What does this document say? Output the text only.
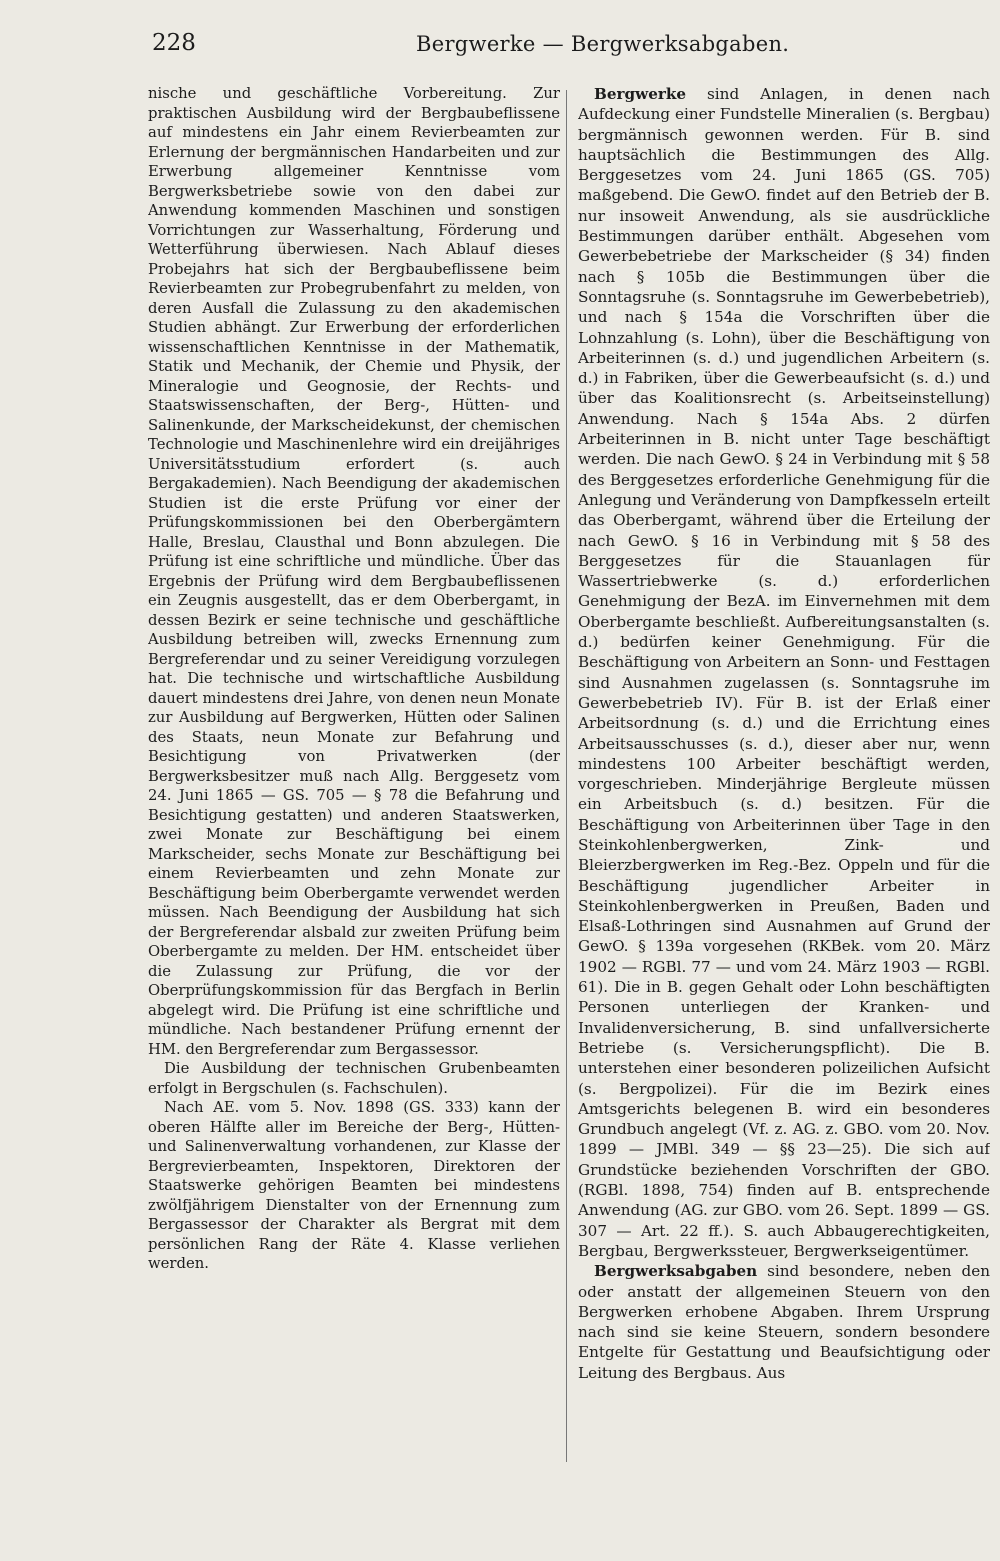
228	Bergwerke — Bergwerksabgaben.

nische und geschäftliche Vorbereitung. Zur praktischen Ausbildung wird der Bergbaubeflissene auf mindestens ein Jahr einem Revierbeamten zur Erlernung der bergmännischen Handarbeiten und zur Erwerbung allgemeiner Kenntnisse vom Bergwerksbetriebe sowie von den dabei zur Anwendung kommenden Maschinen und sonstigen Vorrichtungen zur Wasserhaltung, Förderung und Wetterführung überwiesen. Nach Ablauf dieses Probejahrs hat sich der Bergbaubeflissene beim Revierbeamten zur Probegrubenfahrt zu melden, von deren Ausfall die Zulassung zu den akademischen Studien abhängt. Zur Erwerbung der erforderlichen wissenschaftlichen Kenntnisse in der Mathematik, Statik und Mechanik, der Chemie und Physik, der Mineralogie und Geognosie, der Rechts- und Staatswissenschaften, der Berg-, Hütten- und Salinenkunde, der Markscheidekunst, der chemischen Technologie und Maschinenlehre wird ein dreijähriges Universitätsstudium erfordert (s. auch Bergakademien). Nach Beendigung der akademischen Studien ist die erste Prüfung vor einer der Prüfungskommissionen bei den Oberbergämtern Halle, Breslau, Clausthal und Bonn abzulegen. Die Prüfung ist eine schriftliche und mündliche. Über das Ergebnis der Prüfung wird dem Bergbaubeflissenen ein Zeugnis ausgestellt, das er dem Oberbergamt, in dessen Bezirk er seine technische und geschäftliche Ausbildung betreiben will, zwecks Ernennung zum Bergreferendar und zu seiner Vereidigung vorzulegen hat. Die technische und wirtschaftliche Ausbildung dauert mindestens drei Jahre, von denen neun Monate zur Ausbildung auf Bergwerken, Hütten oder Salinen des Staats, neun Monate zur Befahrung und Besichtigung von Privatwerken (der Bergwerksbesitzer muß nach Allg. Berggesetz vom 24. Juni 1865 — GS. 705 — § 78 die Befahrung und Besichtigung gestatten) und anderen Staatswerken, zwei Monate zur Beschäftigung bei einem Markscheider, sechs Monate zur Beschäftigung bei einem Revierbeamten und zehn Monate zur Beschäftigung beim Oberbergamte verwendet werden müssen. Nach Beendigung der Ausbildung hat sich der Bergreferendar alsbald zur zweiten Prüfung beim Oberbergamte zu melden. Der HM. entscheidet über die Zulassung zur Prüfung, die vor der Oberprüfungskommission für das Bergfach in Berlin abgelegt wird. Die Prüfung ist eine schriftliche und mündliche. Nach bestandener Prüfung ernennt der HM. den Bergreferendar zum Bergassessor.

Die Ausbildung der technischen Grubenbeamten erfolgt in Bergschulen (s. Fachschulen).

Nach AE. vom 5. Nov. 1898 (GS. 333) kann der oberen Hälfte aller im Bereiche der Berg-, Hütten- und Salinenverwaltung vorhandenen, zur Klasse der Bergrevierbeamten, Inspektoren, Direktoren der Staatswerke gehörigen Beamten bei mindestens zwölfjährigem Dienstalter von der Ernennung zum Bergassessor der Charakter als Bergrat mit dem persönlichen Rang der Räte 4. Klasse verliehen werden.

Bergwerke sind Anlagen, in denen nach Aufdeckung einer Fundstelle Mineralien (s. Bergbau) bergmännisch gewonnen werden. Für B. sind hauptsächlich die Bestimmungen des Allg. Berggesetzes vom 24. Juni 1865 (GS. 705) maßgebend. Die GewO. findet auf den Betrieb der B. nur insoweit Anwendung, als sie ausdrückliche Bestimmungen darüber enthält. Abgesehen vom Gewerbebetriebe der Markscheider (§ 34) finden nach § 105b die Bestimmungen über die Sonntagsruhe (s. Sonntagsruhe im Gewerbebetrieb), und nach § 154a die Vorschriften über die Lohnzahlung (s. Lohn), über die Beschäftigung von Arbeiterinnen (s. d.) und jugendlichen Arbeitern (s. d.) in Fabriken, über die Gewerbeaufsicht (s. d.) und über das Koalitionsrecht (s. Arbeitseinstellung) Anwendung. Nach § 154a Abs. 2 dürfen Arbeiterinnen in B. nicht unter Tage beschäftigt werden. Die nach GewO. § 24 in Verbindung mit § 58 des Berggesetzes erforderliche Genehmigung für die Anlegung und Veränderung von Dampfkesseln erteilt das Oberbergamt, während über die Erteilung der nach GewO. § 16 in Verbindung mit § 58 des Berggesetzes für die Stauanlagen für Wassertriebwerke (s. d.) erforderlichen Genehmigung der BezA. im Einvernehmen mit dem Oberbergamte beschließt. Aufbereitungsanstalten (s. d.) bedürfen keiner Genehmigung. Für die Beschäftigung von Arbeitern an Sonn- und Festtagen sind Ausnahmen zugelassen (s. Sonntagsruhe im Gewerbebetrieb IV). Für B. ist der Erlaß einer Arbeitsordnung (s. d.) und die Errichtung eines Arbeitsausschusses (s. d.), dieser aber nur, wenn mindestens 100 Arbeiter beschäftigt werden, vorgeschrieben. Minderjährige Bergleute müssen ein Arbeitsbuch (s. d.) besitzen. Für die Beschäftigung von Arbeiterinnen über Tage in den Steinkohlenbergwerken, Zink- und Bleierzbergwerken im Reg.-Bez. Oppeln und für die Beschäftigung jugendlicher Arbeiter in Steinkohlenbergwerken in Preußen, Baden und Elsaß-Lothringen sind Ausnahmen auf Grund der GewO. § 139a vorgesehen (RKBek. vom 20. März 1902 — RGBl. 77 — und vom 24. März 1903 — RGBl. 61). Die in B. gegen Gehalt oder Lohn beschäftigten Personen unterliegen der Kranken- und Invalidenversicherung, B. sind unfallversicherte Betriebe (s. Versicherungspflicht). Die B. unterstehen einer besonderen polizeilichen Aufsicht (s. Bergpolizei). Für die im Bezirk eines Amtsgerichts belegenen B. wird ein besonderes Grundbuch angelegt (Vf. z. AG. z. GBO. vom 20. Nov. 1899 — JMBl. 349 — §§ 23—25). Die sich auf Grundstücke beziehenden Vorschriften der GBO. (RGBl. 1898, 754) finden auf B. entsprechende Anwendung (AG. zur GBO. vom 26. Sept. 1899 — GS. 307 — Art. 22 ff.). S. auch Abbaugerechtigkeiten, Bergbau, Bergwerkssteuer, Bergwerkseigentümer.

Bergwerksabgaben sind besondere, neben den oder anstatt der allgemeinen Steuern von den Bergwerken erhobene Abgaben. Ihrem Ursprung nach sind sie keine Steuern, sondern besondere Entgelte für Gestattung und Beaufsichtigung oder Leitung des Bergbaus. Aus
